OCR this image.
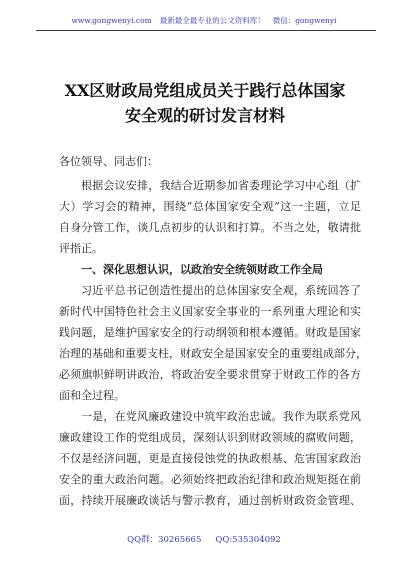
www.gongwenyi.com 最新最全最专业的公文资料库！ 微信：gongwenyi
XX区财政局党组成员关于践行总体国家
安全观的研讨发言材料
各位领导、同志们：
根据会议安排，我结合近期参加省委理论学习中心组（扩
大）学习会的精神，围绕“总体国家安全观”这一主题，立足
自身分管工作，谈几点初步的认识和打算。不当之处，敬请批
评指正。
一、深化思想认识，以政治安全统领财政工作全局
习近平总书记创造性提出的总体国家安全观，系统回答了
新时代中国特色社会主义国家安全事业的一系列重大理论和实
践问题，是维护国家安全的行动纲领和根本遵循。财政是国家
治理的基础和重要支柱，财政安全是国家安全的重要组成部分，
必须旗帜鲜明讲政治，将政治安全要求贯穿于财政工作的各方
面和全过程。
一是，在党风廉政建设中筑牢政治忠诚。我作为联系党风
廉政建设工作的党组成员，深刻认识到财政领域的腐败问题，
不仅是经济问题，更是直接侵蚀党的执政根基、危害国家政治
安全的重大政治问题。必须始终把政治纪律和政治规矩挺在前
面，持续开展廉政谈话与警示教育，通过剖析财政资金管理、
QQ群：30265665 QQ:535304092
